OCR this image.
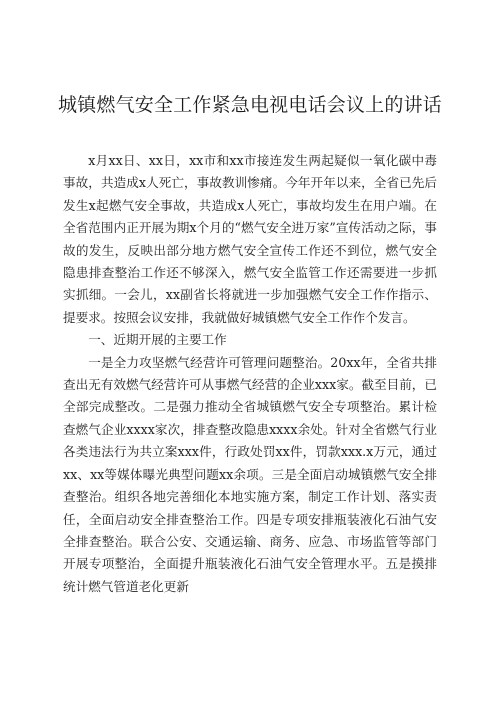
城镇燃气安全工作紧急电视电话会议上的讲话

x月xx日、xx日，xx市和xx市接连发生两起疑似一氧化碳中毒事故，共造成x人死亡，事故教训惨痛。今年开年以来，全省已先后发生x起燃气安全事故，共造成x人死亡，事故均发生在用户端。在全省范围内正开展为期x个月的“燃气安全进万家”宣传活动之际，事故的发生，反映出部分地方燃气安全宣传工作还不到位，燃气安全隐患排查整治工作还不够深入，燃气安全监管工作还需要进一步抓实抓细。一会儿，xx副省长将就进一步加强燃气安全工作作指示、提要求。按照会议安排，我就做好城镇燃气安全工作作个发言。

一、近期开展的主要工作

一是全力攻坚燃气经营许可管理问题整治。20xx年，全省共排查出无有效燃气经营许可从事燃气经营的企业xxx家。截至目前，已全部完成整改。二是强力推动全省城镇燃气安全专项整治。累计检查燃气企业xxxx家次，排查整改隐患xxxx余处。针对全省燃气行业各类违法行为共立案xxx件，行政处罚xx件，罚款xxx.x万元，通过xx、xx等媒体曝光典型问题xx余项。三是全面启动城镇燃气安全排查整治。组织各地完善细化本地实施方案，制定工作计划、落实责任，全面启动安全排查整治工作。四是专项安排瓶装液化石油气安全排查整治。联合公安、交通运输、商务、应急、市场监管等部门开展专项整治，全面提升瓶装液化石油气安全管理水平。五是摸排统计燃气管道老化更新
